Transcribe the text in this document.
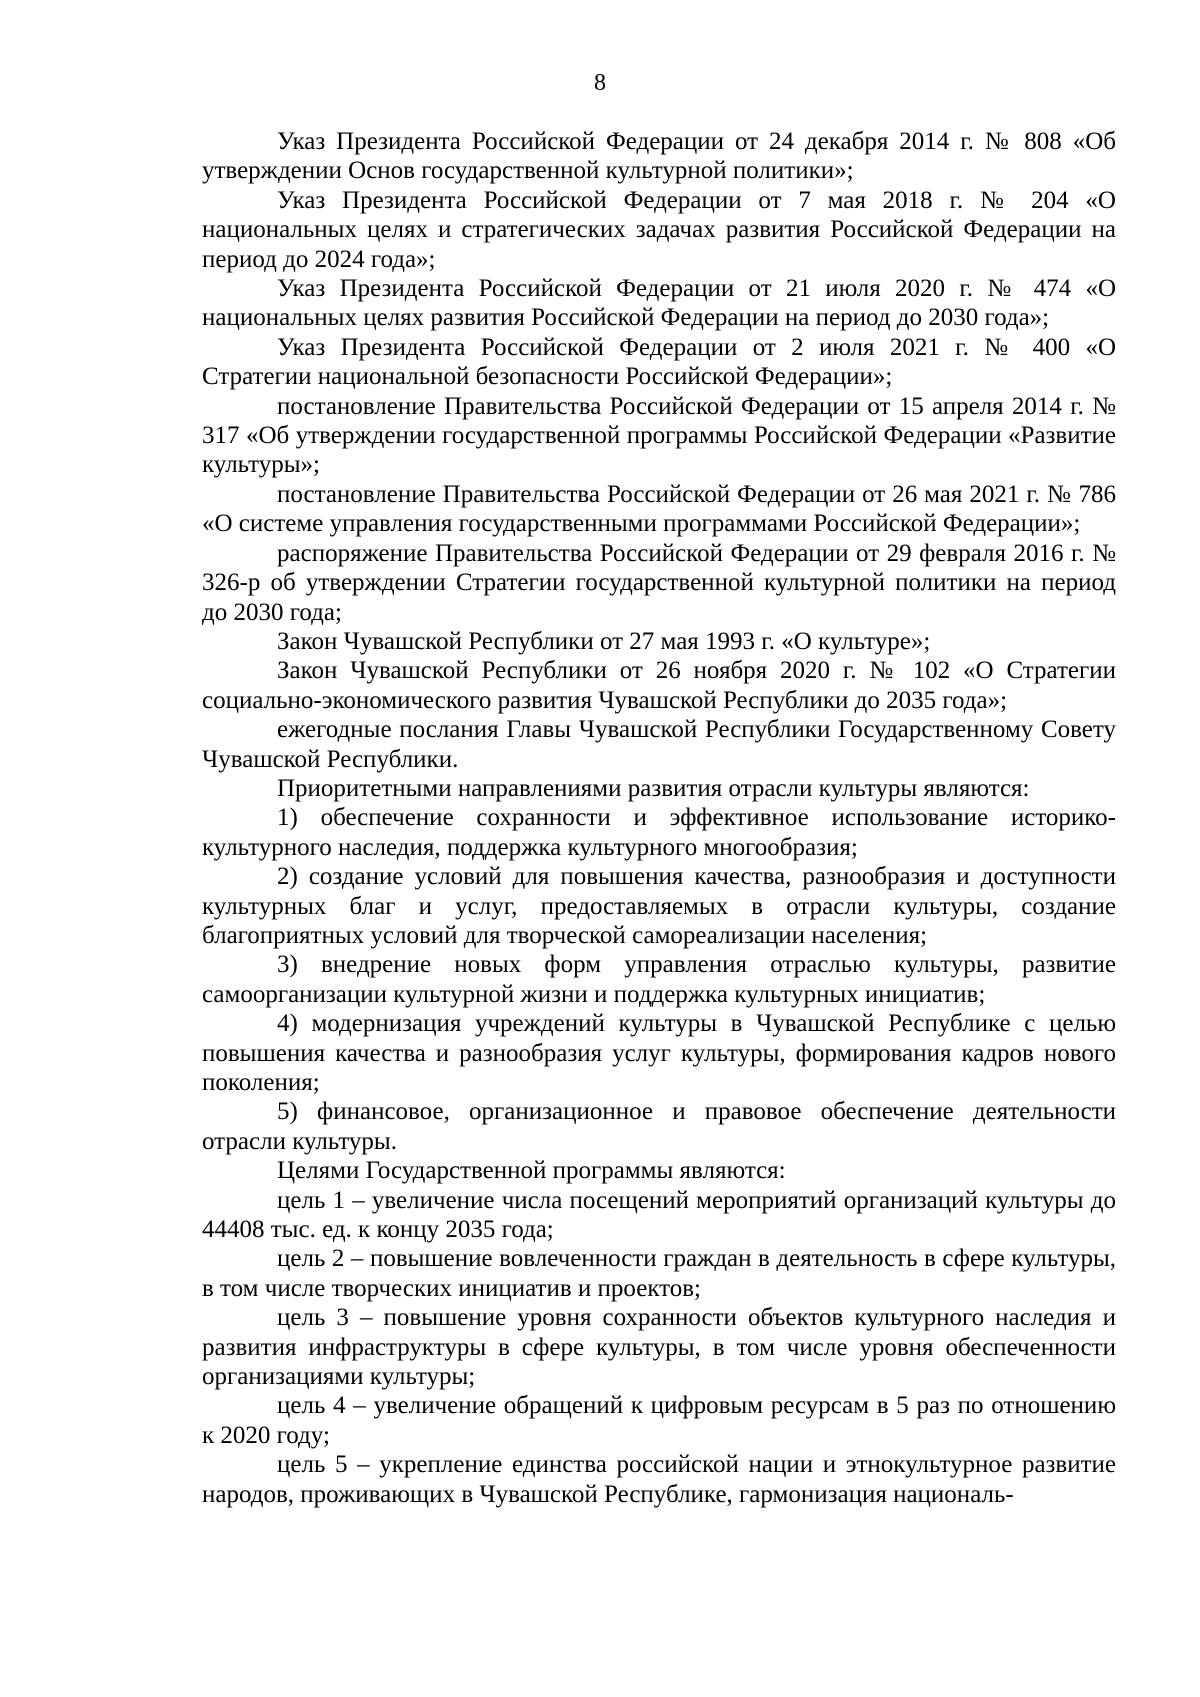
8

Указ Президента Российской Федерации от 24 декабря 2014 г. № 808 «Об утверждении Основ государственной культурной политики»;

Указ Президента Российской Федерации от 7 мая 2018 г. № 204 «О национальных целях и стратегических задачах развития Российской Федерации на период до 2024 года»;

Указ Президента Российской Федерации от 21 июля 2020 г. № 474 «О национальных целях развития Российской Федерации на период до 2030 года»;

Указ Президента Российской Федерации от 2 июля 2021 г. № 400 «О Стратегии национальной безопасности Российской Федерации»;

постановление Правительства Российской Федерации от 15 апреля 2014 г. № 317 «Об утверждении государственной программы Российской Федерации «Развитие культуры»;

постановление Правительства Российской Федерации от 26 мая 2021 г. № 786 «О системе управления государственными программами Российской Федерации»;

распоряжение Правительства Российской Федерации от 29 февраля 2016 г. № 326-р об утверждении Стратегии государственной культурной политики на период до 2030 года;

Закон Чувашской Республики от 27 мая 1993 г. «О культуре»;

Закон Чувашской Республики от 26 ноября 2020 г. № 102 «О Стратегии социально-экономического развития Чувашской Республики до 2035 года»;

ежегодные послания Главы Чувашской Республики Государственному Совету Чувашской Республики.

Приоритетными направлениями развития отрасли культуры являются:

1) обеспечение сохранности и эффективное использование историко-культурного наследия, поддержка культурного многообразия;

2) создание условий для повышения качества, разнообразия и доступности культурных благ и услуг, предоставляемых в отрасли культуры, создание благоприятных условий для творческой самореализации населения;

3) внедрение новых форм управления отраслью культуры, развитие самоорганизации культурной жизни и поддержка культурных инициатив;

4) модернизация учреждений культуры в Чувашской Республике с целью повышения качества и разнообразия услуг культуры, формирования кадров нового поколения;

5) финансовое, организационное и правовое обеспечение деятельности отрасли культуры.

Целями Государственной программы являются:

цель 1 – увеличение числа посещений мероприятий организаций культуры до 44408 тыс. ед. к концу 2035 года;

цель 2 – повышение вовлеченности граждан в деятельность в сфере культуры, в том числе творческих инициатив и проектов;

цель 3 – повышение уровня сохранности объектов культурного наследия и развития инфраструктуры в сфере культуры, в том числе уровня обеспеченности организациями культуры;

цель 4 – увеличение обращений к цифровым ресурсам в 5 раз по отношению к 2020 году;

цель 5 – укрепление единства российской нации и этнокультурное развитие народов, проживающих в Чувашской Республике, гармонизация националь-
